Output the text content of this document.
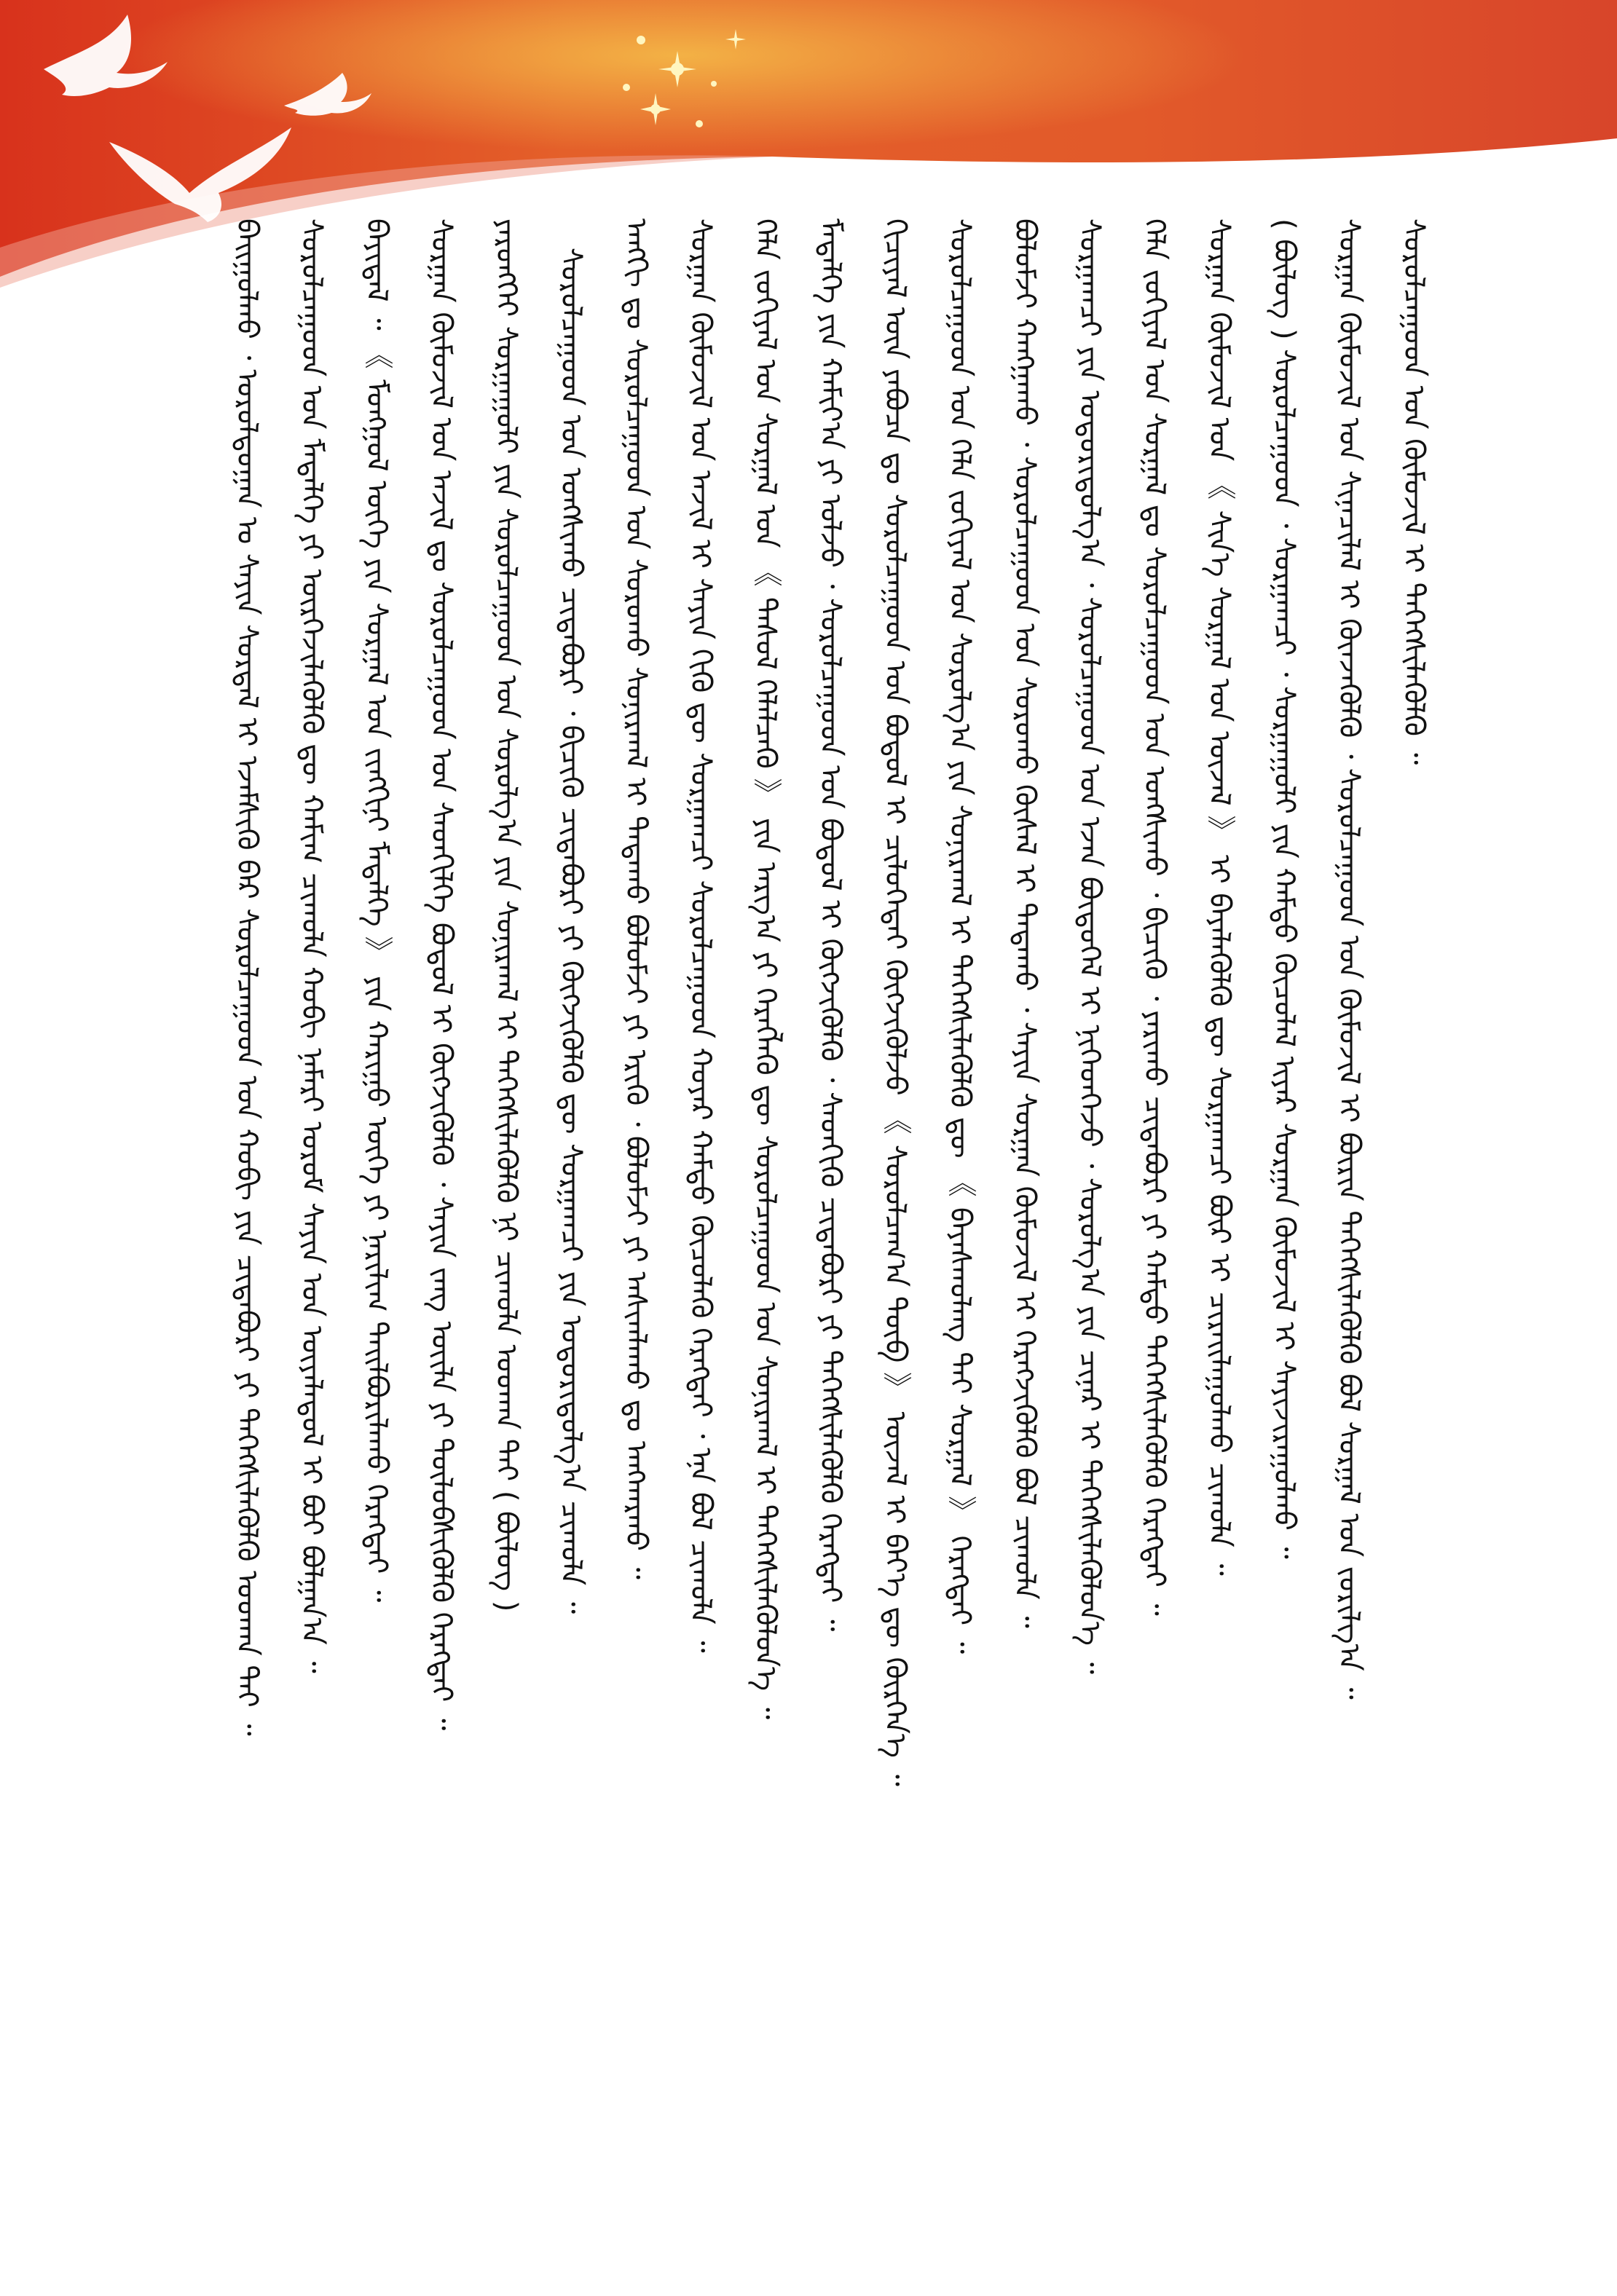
ᠪᠠᠢᠭᠤᠯᠬᠤ ᠂ ᠤᠷᠤᠯᠳᠤᠭᠠᠨ ᠤ ᠰᠠᠶᠢᠨ ᠰᠤᠷᠲᠠᠯ ᠢ ᠡᠵᠡᠮᠰᠢᠬᠦ ᠪᠡᠷ ᠰᠤᠷᠤᠯᠴᠠᠭᠤᠳ ᠤᠨ ᠬᠤᠪᠢ ᠶᠢᠨ ᠴᠢᠳᠠᠪᠤᠷᠢ ᠶᠢ ᠳᠡᠭᠡᠭᠰᠢᠯᠡᠭᠦᠯᠬᠦ ᠤᠳᠬᠠ ᠲᠠᠢ ᠃	ᠰᠤᠷᠤᠯᠴᠠᠭᠤᠳ ᠤᠨ ᠮᠡᠳᠡᠯᠭᠡ ᠶᠢ ᠦᠷᠭᠡᠵᠢᠯᠡᠭᠦᠯᠬᠦ ᠳᠦ ᠬᠠᠮᠢᠭ ᠴᠢᠬᠤᠯᠠ ᠬᠤᠪᠢ ᠨᠡᠮᠡᠷᠢ ᠤᠷᠤᠮ ᠰᠠᠶᠢᠨ ᠤᠨ ᠦᠶᠡᠯᠡᠳᠦᠯ ᠢ ᠪᠤᠢ ᠪᠤᠯᠭᠠᠨ᠎ᠠ ᠃	ᠪᠠᠶᠢᠳᠠᠯ ᠃ 《 ᠮᠣᠩᠭᠣᠯ ᠦᠭᠡ ᠶᠢᠨ ᠰᠤᠷᠭᠠᠯ ᠤᠨ ᠵᠢᠩᠬᠢᠨᠢ ᠮᠡᠳᠡᠯᠭᠡ 》 ᠶᠢᠨ ᠬᠠᠷᠢᠭᠤ ᠦᠭᠡ ᠶᠢ ᠨᠠᠷᠢᠯᠢᠭ ᠲᠠᠢᠯᠪᠤᠷᠢᠯᠠᠬᠤ ᠬᠡᠷᠡᠭᠲᠡᠢ ᠃	ᠰᠤᠷᠭᠠᠨ ᠬᠦᠮᠦᠵᠢᠯ ᠤᠨ ᠠᠵᠢᠯ ᠳᠤ ᠰᠤᠷᠤᠯᠴᠠᠭᠤᠳ ᠤᠨ ᠰᠡᠳᠬᠢᠯᠭᠡ ᠪᠤᠳᠤᠯ ᠢ ᠬᠦᠭᠵᠢᠭᠦᠯᠬᠦ ᠂ ᠰᠠᠶᠢᠨ ᠵᠠᠩ ᠦᠢᠯᠡ ᠶᠢ ᠲᠦᠯᠦᠪᠰᠢᠭᠦᠯᠬᠦ ᠬᠡᠷᠡᠭᠲᠡᠢ ᠃	ᠶᠡᠷᠦᠩᠬᠡᠢ ᠰᠤᠷᠭᠠᠭᠤᠯᠢ ᠶᠢᠨ ᠰᠤᠷᠤᠯᠴᠠᠭᠤᠳ ᠤᠨ ᠰᠤᠷᠤᠯᠭ᠎ᠠ ᠶᠢᠨ ᠰᠤᠨᠢᠷᠬᠠᠯ ᠢ ᠳᠡᠭᠡᠭᠰᠢᠯᠡᠭᠦᠯᠬᠦ ᠨᠢ ᠴᠢᠬᠤᠯᠠ ᠤᠳᠬᠠ ᠲᠠᠢ ( ᠪᠦᠯᠦᠭ )	ᠰᠤᠷᠤᠯᠴᠠᠭᠤᠳ ᠤᠨ ᠤᠩᠰᠢᠬᠤ ᠴᠢᠳᠠᠪᠤᠷᠢ ᠂ ᠪᠢᠴᠢᠬᠦ ᠴᠢᠳᠠᠪᠤᠷᠢ ᠶᠢ ᠬᠦᠭᠵᠢᠭᠦᠯᠬᠦ ᠳᠦ ᠰᠤᠷᠭᠠᠭᠴᠢ ᠶᠢᠨ ᠤᠳᠤᠷᠢᠳᠤᠯᠭ᠎ᠠ ᠴᠢᠬᠤᠯᠠ ᠃	ᠠᠩᠭᠢ ᠳᠤ ᠰᠤᠷᠤᠯᠴᠠᠭᠤᠳ ᠤᠨ ᠰᠤᠷᠤᠬᠤ ᠰᠤᠨᠢᠷᠬᠠᠯ ᠢ ᠲᠠᠲᠠᠬᠤ ᠪᠣᠯᠤᠮᠵᠢ ᠶᠢ ᠡᠷᠢᠬᠦ ᠂ ᠪᠣᠯᠤᠮᠵᠢ ᠶᠢ ᠠᠰᠢᠭᠯᠠᠬᠤ ᠳᠤ ᠠᠩᠬᠠᠷᠬᠤ ᠃	ᠰᠤᠷᠭᠠᠨ ᠬᠦᠮᠦᠵᠢᠯ ᠤᠨ ᠠᠵᠢᠯ ᠢ ᠰᠠᠶᠢᠨ ᠬᠢᠬᠦ ᠳᠦ ᠰᠤᠷᠭᠠᠭᠴᠢ ᠰᠤᠷᠤᠯᠴᠠᠭᠤᠳ ᠬᠣᠶᠠᠷ ᠬᠠᠮᠲᠤ ᠬᠦᠴᠦᠯᠡᠬᠦ ᠬᠡᠷᠡᠭᠲᠡᠢ ᠂ ᠡᠨᠡ ᠪᠣᠯ ᠴᠢᠬᠤᠯᠠ ᠃	ᠬᠡᠯᠡ ᠵᠤᠬᠢᠶᠠᠯ ᠤᠨ ᠰᠤᠷᠭᠠᠯ ᠤᠨ 《 ᠲᠡᠰᠦᠯ ᠬᠡᠯᠡᠯᠴᠡᠬᠦ 》 ᠶᠢᠨ ᠠᠷᠭ᠎ᠠ ᠶᠢ ᠬᠡᠷᠡᠭᠯᠡᠬᠦ ᠳᠦ ᠰᠤᠷᠤᠯᠴᠠᠭᠤᠳ ᠤᠨ ᠰᠤᠨᠢᠷᠬᠠᠯ ᠢ ᠳᠡᠭᠡᠭᠰᠢᠯᠡᠭᠦᠯᠦᠨ᠎ᠡ ᠃	ᠮᠡᠳᠡᠯᠭᠡ ᠶᠢᠨ ᠬᠠᠮᠢᠶ᠎ᠠ ᠶᠢ ᠣᠯᠵᠤ ᠂ ᠰᠤᠷᠤᠯᠴᠠᠭᠤᠳ ᠤᠨ ᠪᠣᠳᠤᠯ ᠢ ᠬᠦᠭᠵᠢᠭᠦᠯᠬᠦ ᠂ ᠰᠡᠳᠬᠢᠬᠦ ᠴᠢᠳᠠᠪᠤᠷᠢ ᠶᠢ ᠳᠡᠭᠡᠭᠰᠢᠯᠡᠭᠦᠯᠬᠦ ᠬᠡᠷᠡᠭᠲᠡᠢ ᠃	ᠬᠢᠴᠢᠶᠡᠯ ᠦᠨ ᠶᠠᠪᠤᠴᠠ ᠳᠤ ᠰᠤᠷᠤᠯᠴᠠᠭᠤᠳ ᠤᠨ ᠪᠤᠳᠤᠯ ᠢ ᠴᠢᠯᠦᠭᠡᠲᠡᠢ ᠬᠦᠭᠵᠢᠭᠦᠯᠵᠦ 《 ᠰᠤᠷᠤᠯᠴᠠᠭ᠎ᠠ ᠲᠥᠪ 》 ᠦᠵᠡᠯ ᠢ ᠪᠡᠶ᠎ᠡ ᠳᠦ ᠬᠦᠷᠭᠡᠨ᠎ᠡ ᠃	ᠰᠤᠷᠤᠯᠴᠠᠭᠤᠳ ᠤᠨ ᠬᠡᠯᠡ ᠵᠤᠬᠢᠶᠠᠯ ᠤᠨ ᠰᠤᠷᠤᠯᠭ᠎ᠠ ᠶᠢᠨ ᠰᠤᠨᠢᠷᠬᠠᠯ ᠢ ᠳᠡᠭᠡᠭᠰᠢᠯᠡᠭᠦᠯᠬᠦ ᠳᠦ 《 ᠪᠠᠶᠠᠰᠬᠤᠯᠠᠩ ᠲᠠᠢ ᠰᠤᠷᠭᠠᠯ 》 ᠬᠡᠷᠡᠭᠲᠡᠢ ᠃	ᠪᠣᠯᠤᠮᠵᠢ ᠬᠠᠩᠭᠠᠬᠤ ᠂ ᠰᠤᠷᠤᠯᠴᠠᠭᠤᠳ ᠤᠨ ᠰᠤᠷᠤᠬᠤ ᠬᠦᠰᠡᠯ ᠢ ᠲᠠᠲᠠᠬᠤ ᠂ ᠰᠠᠶᠢᠨ ᠰᠤᠷᠭᠠᠨ ᠬᠦᠮᠦᠵᠢᠯ ᠢ ᠬᠡᠷᠡᠭᠵᠢᠭᠦᠯᠬᠦ ᠪᠣᠯ ᠴᠢᠬᠤᠯᠠ ᠃	ᠰᠤᠷᠭᠠᠭᠴᠢ ᠶᠢᠨ ᠤᠳᠤᠷᠢᠳᠤᠯᠭ᠎ᠠ ᠂ ᠰᠤᠷᠤᠯᠴᠠᠭᠤᠳ ᠤᠨ ᠡᠵᠡᠨ ᠪᠦᠲᠦᠭᠡᠯ ᠢ ᠨᠢᠭᠡᠳᠬᠡᠵᠦ ᠂ ᠰᠤᠷᠤᠯᠭ᠎ᠠ ᠶᠢᠨ ᠴᠢᠨᠠᠷ ᠢ ᠳᠡᠭᠡᠭᠰᠢᠯᠡᠭᠦᠯᠦᠨ᠎ᠡ ᠃	ᠬᠡᠯᠡ ᠵᠤᠬᠢᠶᠠᠯ ᠤᠨ ᠰᠤᠷᠭᠠᠯ ᠳᠤ ᠰᠤᠷᠤᠯᠴᠠᠭᠤᠳ ᠤᠨ ᠤᠩᠰᠢᠬᠤ ᠂ ᠪᠢᠴᠢᠬᠦ ᠂ ᠶᠠᠷᠢᠬᠤ ᠴᠢᠳᠠᠪᠤᠷᠢ ᠶᠢ ᠬᠠᠮᠲᠤ ᠳᠡᠭᠡᠭᠰᠢᠯᠡᠭᠦᠯᠬᠦ ᠬᠡᠷᠡᠭᠲᠡᠢ ᠃	ᠰᠤᠷᠭᠠᠨ ᠬᠦᠮᠦᠵᠢᠯ ᠤᠨ 《 ᠰᠢᠨ᠎ᠡ ᠰᠤᠷᠭᠠᠯ ᠤᠨ ᠦᠵᠡᠯ 》 ᠢ ᠪᠡᠶᠡᠯᠡᠭᠦᠯᠬᠦ ᠳᠦ ᠰᠤᠷᠭᠠᠭᠴᠢ ᠪᠦᠷ ᠢ ᠴᠢᠷᠠᠢᠯᠠᠭᠤᠯᠬᠤ ᠴᠢᠬᠤᠯᠠ ᠃	( ᠪᠦᠯᠦᠭ ) ᠰᠤᠷᠤᠯᠴᠠᠭᠤᠳ ᠂ ᠰᠤᠷᠭᠠᠭᠴᠢ ᠂ ᠰᠤᠷᠭᠠᠭᠤᠯᠢ ᠶᠢᠨ ᠬᠠᠮᠲᠤ ᠬᠦᠴᠦᠯᠡᠯ ᠢᠶᠡᠷ ᠰᠤᠷᠭᠠᠨ ᠬᠦᠮᠦᠵᠢᠯ ᠢ ᠰᠠᠶᠢᠵᠢᠷᠠᠭᠤᠯᠬᠤ ᠃	ᠰᠤᠷᠭᠠᠨ ᠬᠦᠮᠦᠵᠢᠯ ᠤᠨ ᠰᠢᠨᠡᠴᠢᠯᠡᠯ ᠢ ᠭᠦᠨᠵᠡᠭᠦᠯᠬᠦ ᠂ ᠰᠤᠷᠤᠯᠴᠠᠭᠤᠳ ᠤᠨ ᠬᠦᠮᠦᠵᠢᠯ ᠢ ᠪᠦᠷᠢᠨ ᠳᠡᠭᠡᠭᠰᠢᠯᠡᠭᠦᠯᠬᠦ ᠪᠣᠯ ᠰᠤᠷᠭᠠᠯ ᠤᠨ ᠵᠣᠷᠢᠯᠭ᠎ᠠ ᠃	ᠰᠤᠷᠤᠯᠴᠠᠭᠤᠳ ᠤᠨ ᠬᠦᠮᠦᠵᠢᠯ ᠢ ᠳᠡᠭᠡᠭᠰᠢᠯᠡᠭᠦᠯᠬᠦ ᠃
